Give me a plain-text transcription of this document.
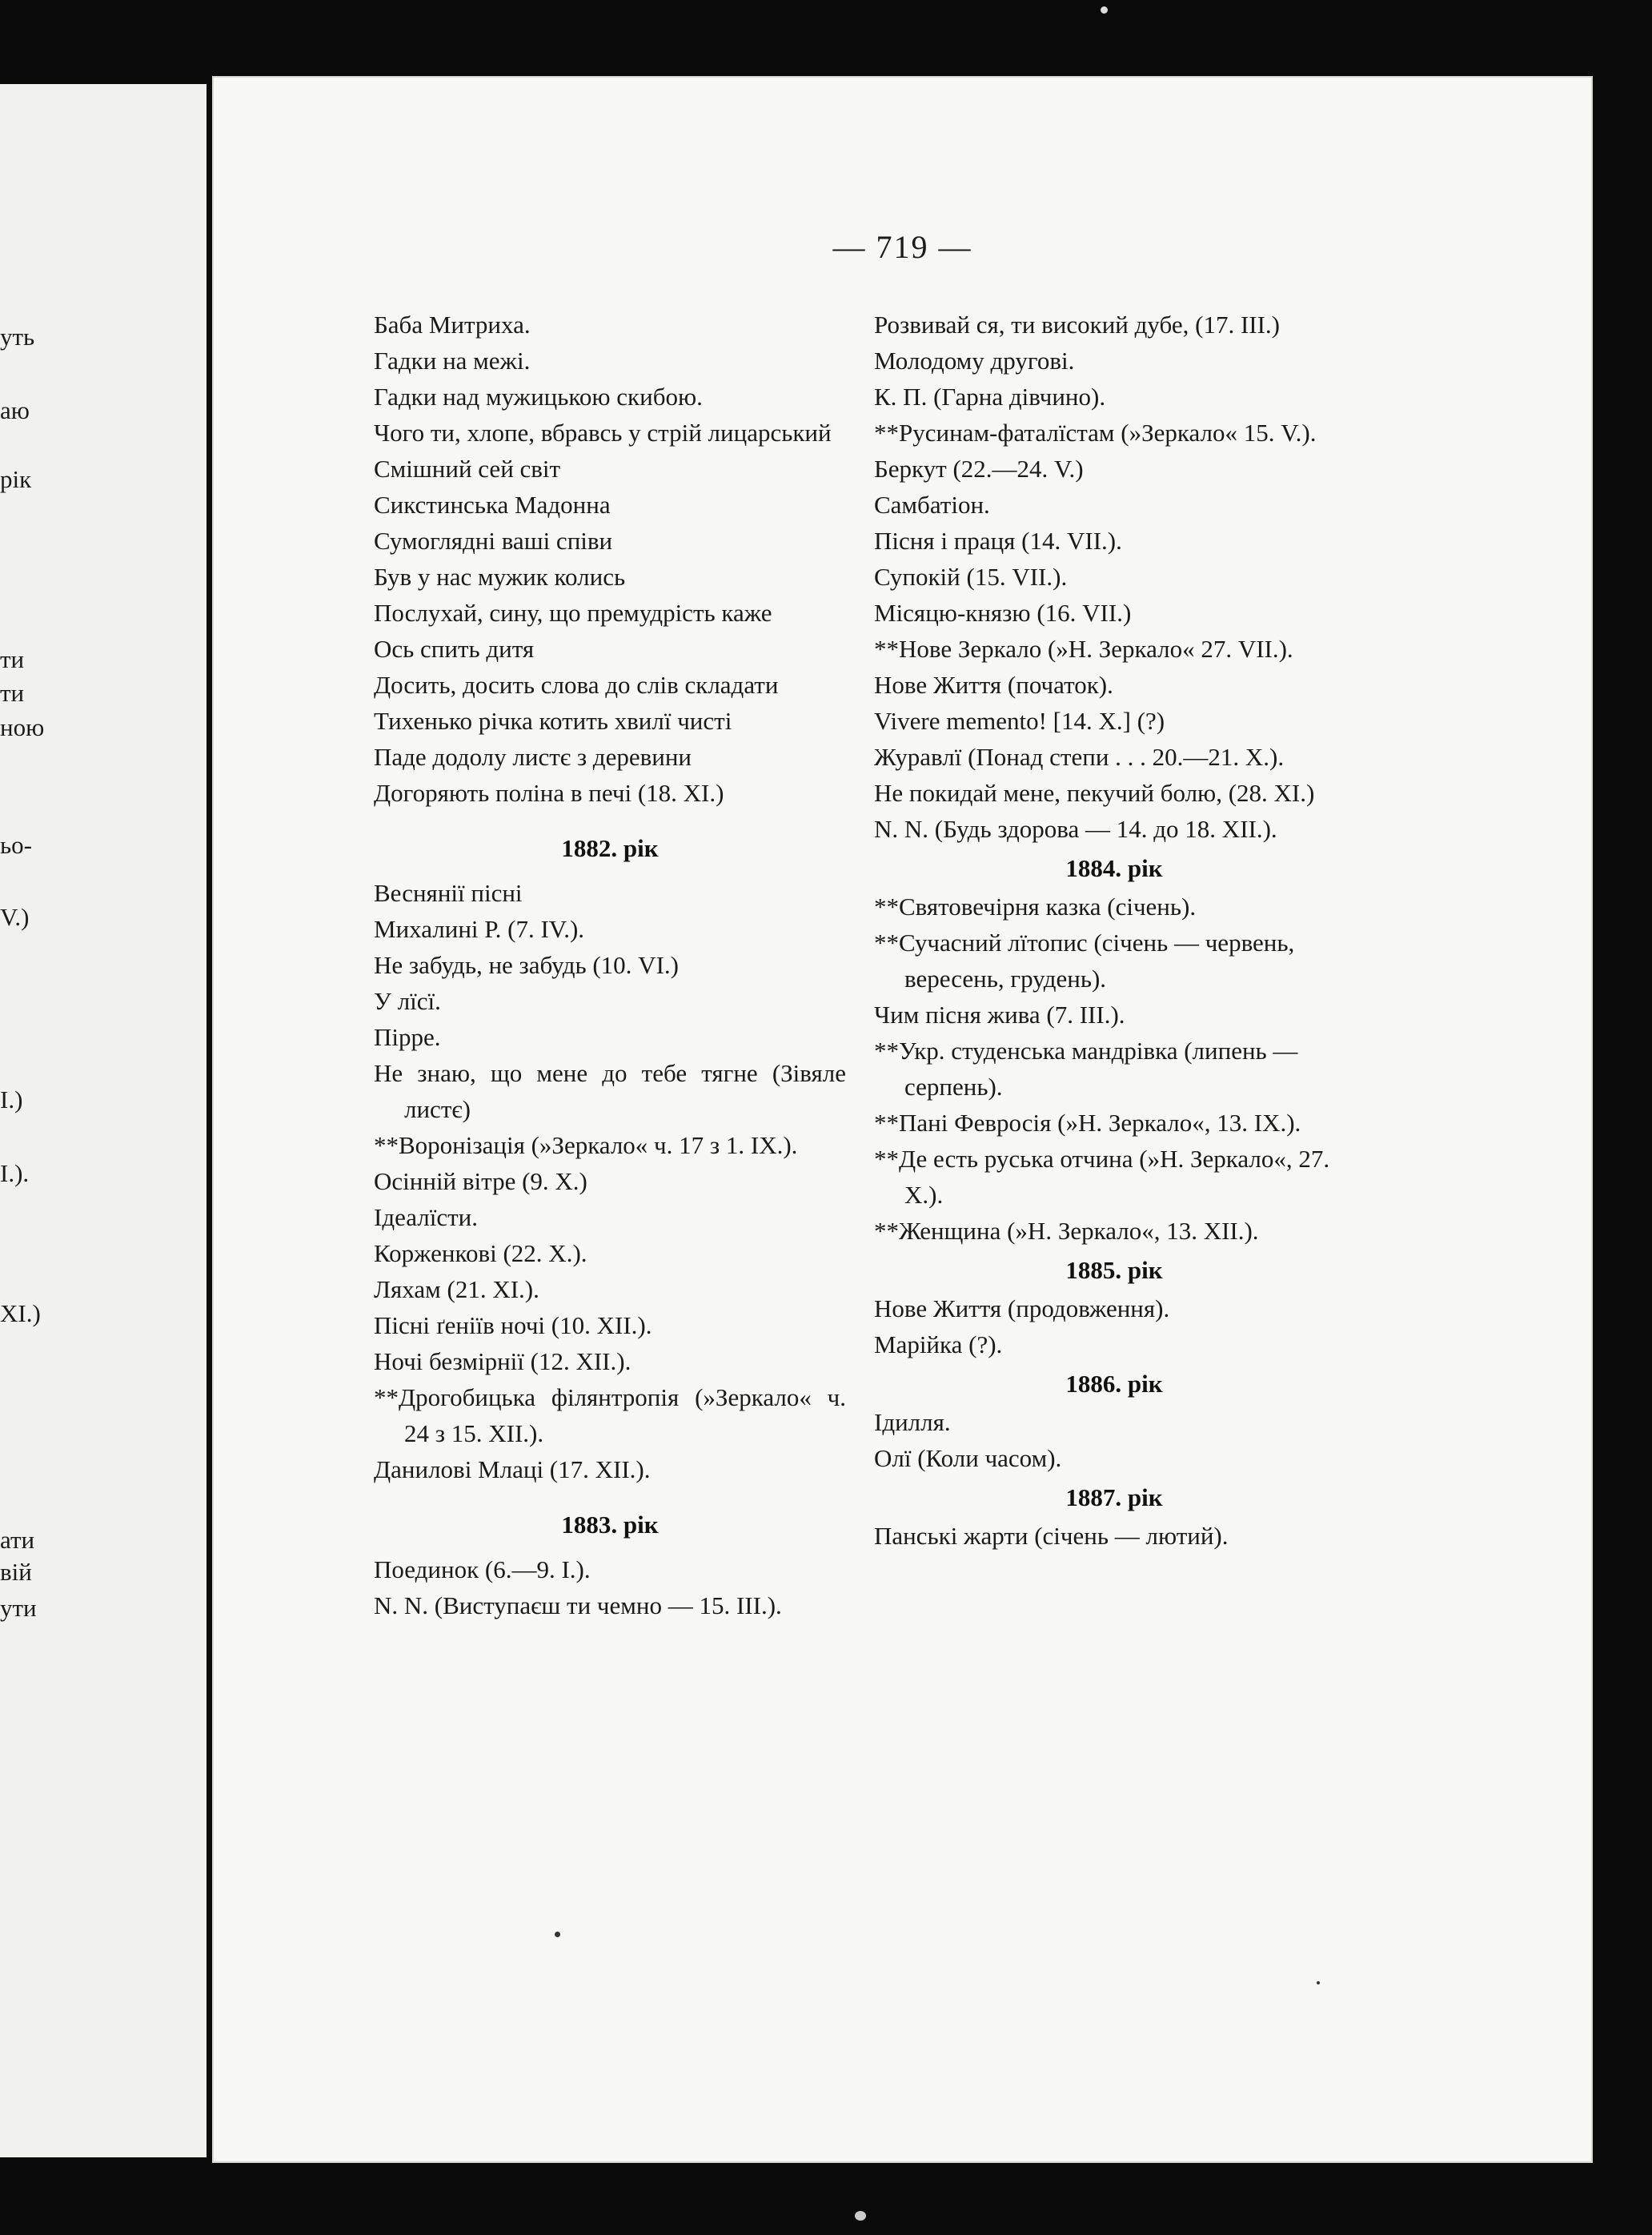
уть

аю

рік

ти

ти

ною

ьо-

V.)

I.)

I.).

XI.)

ати

вій

ути

— 719 —

Баба Митриха.

Гадки на межі.

Гадки над мужицькою скибою.

Чого ти, хлопе, вбравсь у стрій лицарський

Смішний сей світ

Сикстинська Мадонна

Сумоглядні ваші співи

Був у нас мужик колись

Послухай, сину, що премудрість каже

Ось спить дитя

Досить, досить слова до слів складати

Тихенько річка котить хвилї чисті

Паде додолу листє з деревини

Догоряють поліна в печі (18. XI.)

1882. рік

Веснянії пісні

Михалині Р. (7. IV.).

Не забудь, не забудь (10. VI.)

У лїсї.

Пірре.

Не знаю, що мене до тебе тягне (Зівяле листє)

**Воронізація (»Зеркало« ч. 17 з 1. IX.).

Осінній вітре (9. X.)

Ідеалїсти.

Корженкові (22. X.).

Ляхам (21. XI.).

Пісні ґеніїв ночі (10. XII.).

Ночі безмірнії (12. XII.).

**Дрогобицька філянтропія (»Зеркало« ч. 24 з 15. XII.).

Данилові Млаці (17. XII.).

1883. рік

Поединок (6.—9. I.).

N. N. (Виступаєш ти чемно — 15. III.).

Розвивай ся, ти високий дубе, (17. III.)

Молодому другові.

К. П. (Гарна дівчино).

**Русинам-фаталїстам (»Зеркало« 15. V.).

Беркут (22.—24. V.)

Самбатіон.

Пісня і праця (14. VII.).

Супокій (15. VII.).

Місяцю-князю (16. VII.)

**Нове Зеркало (»Н. Зеркало« 27. VII.).

Нове Життя (початок).

Vivere memento! [14. X.] (?)

Журавлї (Понад степи . . . 20.—21. X.).

Не покидай мене, пекучий болю, (28. XI.)

N. N. (Будь здорова — 14. до 18. XII.).

1884. рік

**Святовечірня казка (січень).

**Сучасний лїтопис (січень — червень, вересень, грудень).

Чим пісня жива (7. III.).

**Укр. студенська мандрівка (липень — серпень).

**Пані Февросія (»Н. Зеркало«, 13. IX.).

**Де есть руська отчина (»Н. Зеркало«, 27. X.).

**Женщина (»Н. Зеркало«, 13. XII.).

1885. рік

Нове Життя (продовження).

Марійка (?).

1886. рік

Ідилля.

Олї (Коли часом).

1887. рік

Панські жарти (січень — лютий).
